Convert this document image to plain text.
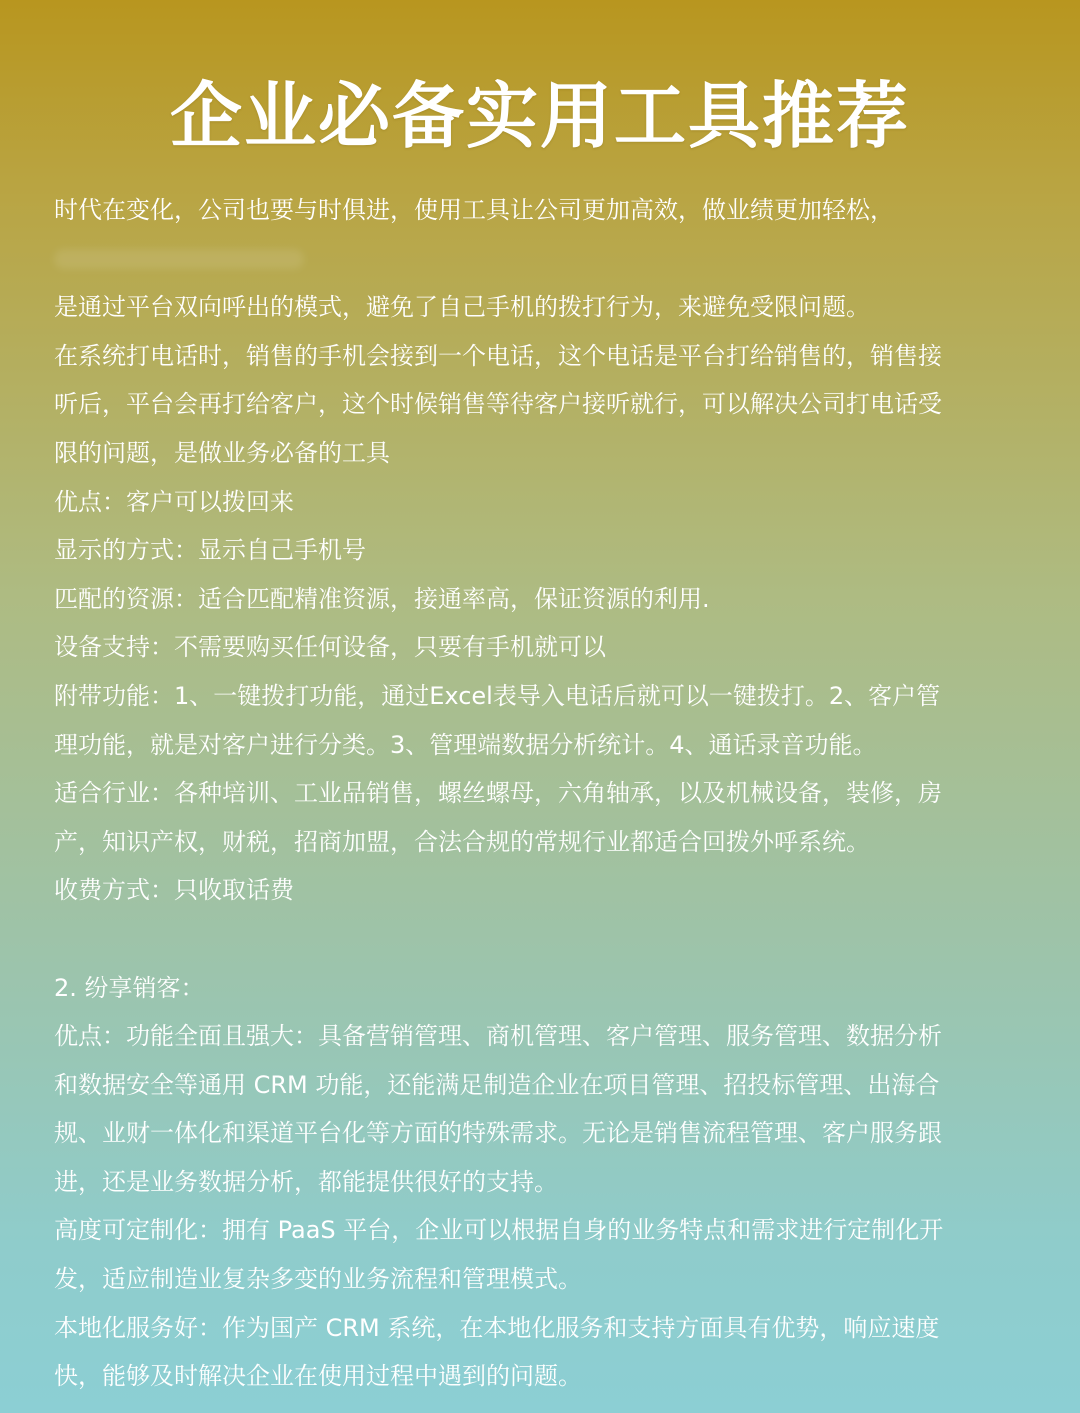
企业必备实用工具推荐
时代在变化，公司也要与时俱进，使用工具让公司更加高效，做业绩更加轻松，
是通过平台双向呼出的模式，避免了自己手机的拨打行为，来避免受限问题。
在系统打电话时，销售的手机会接到一个电话，这个电话是平台打给销售的，销售接
听后，平台会再打给客户，这个时候销售等待客户接听就行，可以解决公司打电话受
限的问题，是做业务必备的工具
优点：客户可以拨回来
显示的方式：显示自己手机号
匹配的资源：适合匹配精准资源，接通率高，保证资源的利用.
设备支持：不需要购买任何设备，只要有手机就可以
附带功能：1、一键拨打功能，通过Excel表导入电话后就可以一键拨打。2、客户管
理功能，就是对客户进行分类。3、管理端数据分析统计。4、通话录音功能。
适合行业：各种培训、工业品销售，螺丝螺母，六角轴承，以及机械设备，装修，房
产，知识产权，财税，招商加盟，合法合规的常规行业都适合回拨外呼系统。
收费方式：只收取话费
2. 纷享销客：
优点：功能全面且强大：具备营销管理、商机管理、客户管理、服务管理、数据分析
和数据安全等通用 CRM 功能，还能满足制造企业在项目管理、招投标管理、出海合
规、业财一体化和渠道平台化等方面的特殊需求。无论是销售流程管理、客户服务跟
进，还是业务数据分析，都能提供很好的支持。
高度可定制化：拥有 PaaS 平台，企业可以根据自身的业务特点和需求进行定制化开
发，适应制造业复杂多变的业务流程和管理模式。
本地化服务好：作为国产 CRM 系统，在本地化服务和支持方面具有优势，响应速度
快，能够及时解决企业在使用过程中遇到的问题。
